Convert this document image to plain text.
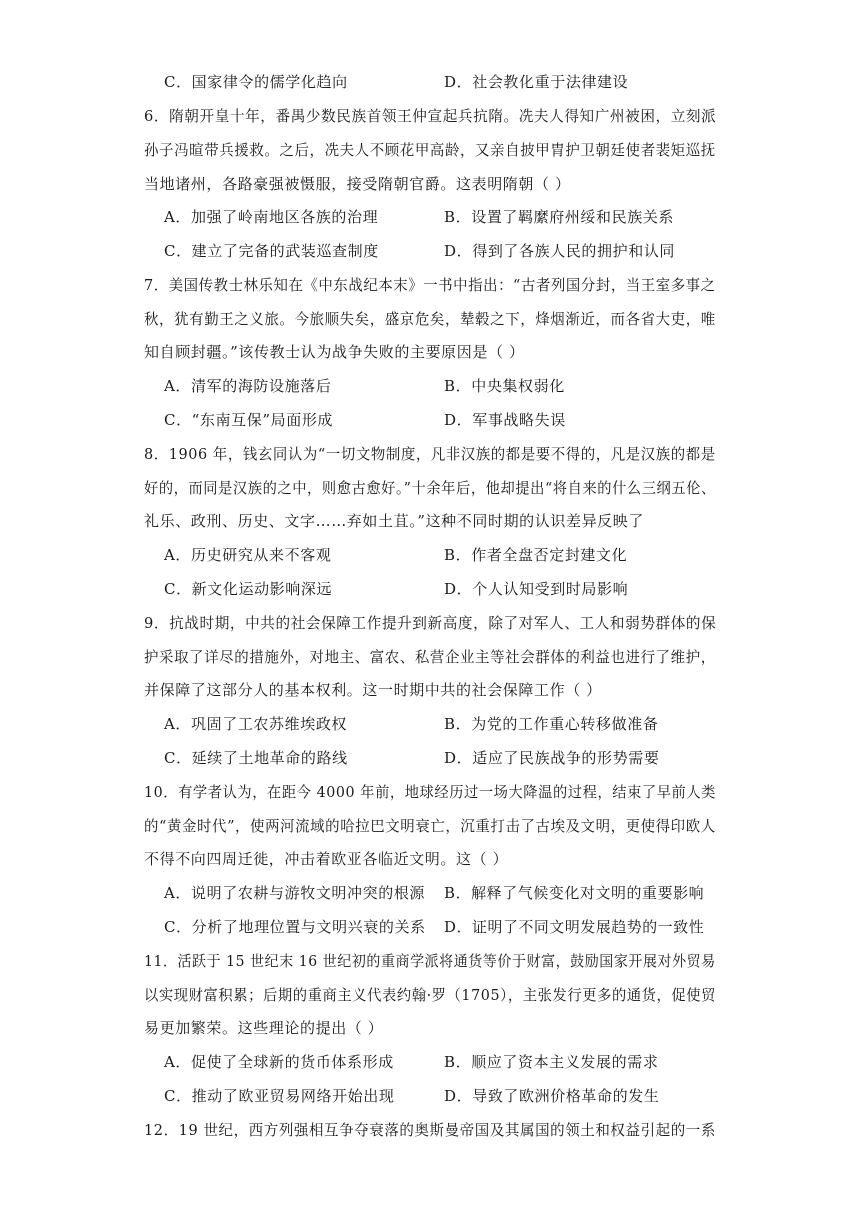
C．国家律令的儒学化趋向	D．社会教化重于法律建设
6．隋朝开皇十年，番禺少数民族首领王仲宣起兵抗隋。冼夫人得知广州被困，立刻派
孙子冯暄带兵援救。之后，冼夫人不顾花甲高龄，又亲自披甲胄护卫朝廷使者裴矩巡抚
当地诸州，各路豪强被慑服，接受隋朝官爵。这表明隋朝（ ）
A．加强了岭南地区各族的治理	B．设置了羁縻府州绥和民族关系
C．建立了完备的武装巡查制度	D．得到了各族人民的拥护和认同
7．美国传教士林乐知在《中东战纪本末》一书中指出：“古者列国分封，当王室多事之
秋，犹有勤王之义旅。今旅顺失矣，盛京危矣，辇毂之下，烽烟渐近，而各省大吏，唯
知自顾封疆。”该传教士认为战争失败的主要原因是（ ）
A．清军的海防设施落后	B．中央集权弱化
C．“东南互保”局面形成	D．军事战略失误
8．1906 年，钱玄同认为“一切文物制度，凡非汉族的都是要不得的，凡是汉族的都是
好的，而同是汉族的之中，则愈古愈好。”十余年后，他却提出“将自来的什么三纲五伦、
礼乐、政刑、历史、文字……弃如土苴。”这种不同时期的认识差异反映了
A．历史研究从来不客观	B．作者全盘否定封建文化
C．新文化运动影响深远	D．个人认知受到时局影响
9．抗战时期，中共的社会保障工作提升到新高度，除了对军人、工人和弱势群体的保
护采取了详尽的措施外，对地主、富农、私营企业主等社会群体的利益也进行了维护，
并保障了这部分人的基本权利。这一时期中共的社会保障工作（ ）
A．巩固了工农苏维埃政权	B．为党的工作重心转移做准备
C．延续了土地革命的路线	D．适应了民族战争的形势需要
10．有学者认为，在距今 4000 年前，地球经历过一场大降温的过程，结束了早前人类
的“黄金时代”，使两河流域的哈拉巴文明衰亡，沉重打击了古埃及文明，更使得印欧人
不得不向四周迁徙，冲击着欧亚各临近文明。这（ ）
A．说明了农耕与游牧文明冲突的根源 B．解释了气候变化对文明的重要影响
C．分析了地理位置与文明兴衰的关系 D．证明了不同文明发展趋势的一致性
11．活跃于 15 世纪末 16 世纪初的重商学派将通货等价于财富，鼓励国家开展对外贸易
以实现财富积累；后期的重商主义代表约翰·罗（1705），主张发行更多的通货，促使贸
易更加繁荣。这些理论的提出（ ）
A．促使了全球新的货币体系形成	B．顺应了资本主义发展的需求
C．推动了欧亚贸易网络开始出现	D．导致了欧洲价格革命的发生
12．19 世纪，西方列强相互争夺衰落的奥斯曼帝国及其属国的领土和权益引起的一系
